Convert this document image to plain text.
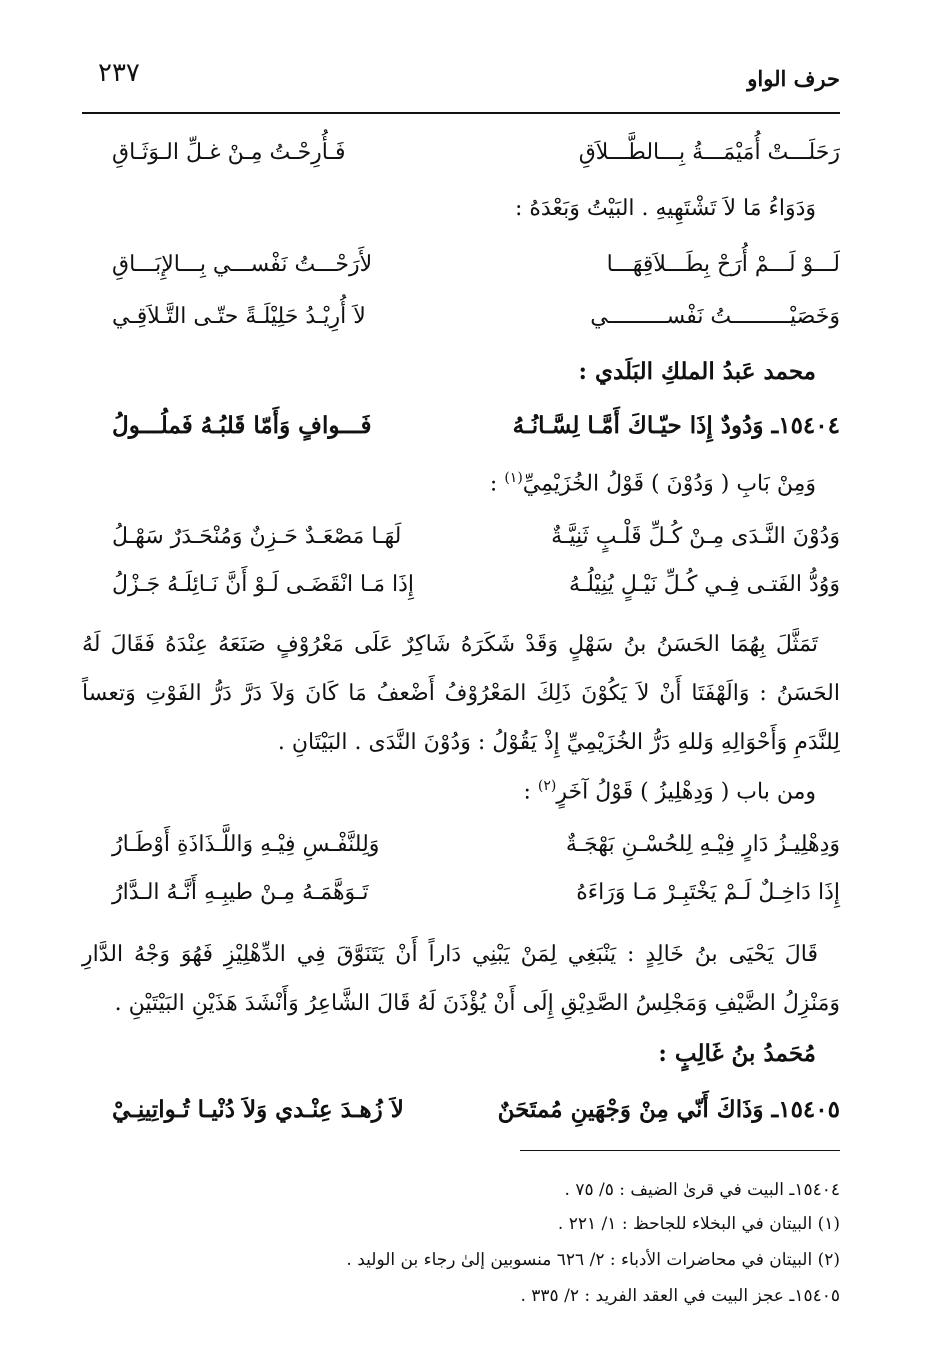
حرف الواو
٢٣٧
رَحَلَـــتْ أُمَيْمَـــةُ بِـــالطَّـــلاَقِ
فَـأُرِحْـتُ مِـنْ غـلِّ الـوَثَـاقِ
وَدَوَاءُ مَا لاَ تَشْتَهِيهِ . البَيْتُ وَبَعْدَهُ :
لَـــوْ لَـــمْ أُرَحْ بِطَـــلاَقِهَـــا
لأَرَحْـــتُ نَفْســـي بِـــالإِبَـــاقِ
وَخَصَيْـــــــــتُ نَفْســـــــــي
لاَ أُرِيْـدُ حَلِيْلَـةً حتّـى التَّـلاَقِـي
محمد عَبدُ الملكِ البَلَدي :
١٥٤٠٤ـ وَدُودٌ إِذَا حيّـاكَ أَمَّـا لِسَّـانُـهُ
فَـــوافٍ وَأَمّا قَلبُـهُ فَملُـــولُ
وَمِنْ بَابِ ( وَدُوْنَ ) قَوْلُ الخُزَيْمِيِّ$^{(١)}$ :
وَدُوْنَ النَّـدَى مِـنْ كُـلِّ قَلْـبٍ ثَنِيَّـةٌ
لَهَـا مَصْعَـدٌ حَـزِنٌ وَمُنْحَـدَرٌ سَهْـلُ
وَوُدُّ الفَتـى فِـي كُـلِّ نَيْـلٍ يُنِيْلُـهُ
إِذَا مَـا انْقَضَـى لَـوْ أَنَّ نَـائِلَـهُ جَـزْلُ
تَمَثَّلَ بِهُمَا الحَسَنُ بنُ سَهْلٍ وَقَدْ شَكَرَهُ شَاكِرٌ عَلَى مَعْرُوْفٍ صَنَعَهُ عِنْدَهُ فَقَالَ لَهُ الحَسَنُ : وَالَهْفَتَا أَنْ لاَ يَكُوْنَ ذَلِكَ المَعْرُوْفُ أَضْعفُ مَا كَانَ وَلاَ دَرَّ دَرُّ الفَوْتِ وَتعساً لِلنَّدَمِ وَأَحْوَالِهِ وَللهِ دَرُّ الخُزَيْمِيِّ إِذْ يَقُوْلُ : وَدُوْنَ النَّدَى . البَيْتَانِ .
ومن باب ( وَدِهْلِيزُ ) قَوْلُ آخَرٍ$^{(٢)}$ :
وَدِهْلِيـزُ دَارٍ فِيْـهِ لِلحُسْـنِ بَهْجَـةٌ
وَلِلنَّفْـسِ فِيْـهِ وَاللَّـذَاذَةِ أَوْطَـارُ
إِذَا دَاخِـلٌ لَـمْ يَخْتَبِـرْ مَـا وَرَاءَهُ
تَـوَهَّمَـهُ مِـنْ طيبِـهِ أَنَّـهُ الـدَّارُ
قَالَ يَحْيَى بنُ خَالِدٍ : يَنْبَغِي لِمَنْ يَبْنِي دَاراً أَنْ يَتَنَوَّقَ فِي الدِّهْلِيْزِ فَهُوَ وَجْهُ الدَّارِ وَمَنْزِلُ الضَّيْفِ وَمَجْلِسُ الصَّدِيْقِ إِلَى أَنْ يُؤْذَنَ لَهُ قَالَ الشَّاعِرُ وَأَنْشَدَ هَذَيْنِ البَيْتَيْنِ .
مُحَمدُ بنُ غَالِبٍ :
١٥٤٠٥ـ وَذَاكَ أَنّي مِنْ وَجْهَينِ مُمتَحَنٌ
لاَ زُهـدَ عِنْـدي وَلاَ دُنْيـا تُـواتِينِـيْ
١٥٤٠٤ـ البيت في قرىٰ الضيف : ٥/ ٧٥ .
(١) البيتان في البخلاء للجاحظ : ١/ ٢٢١ .
(٢) البيتان في محاضرات الأدباء : ٢/ ٦٢٦ منسوبين إلىٰ رجاء بن الوليد .
١٥٤٠٥ـ عجز البيت في العقد الفريد : ٢/ ٣٣٥ .
